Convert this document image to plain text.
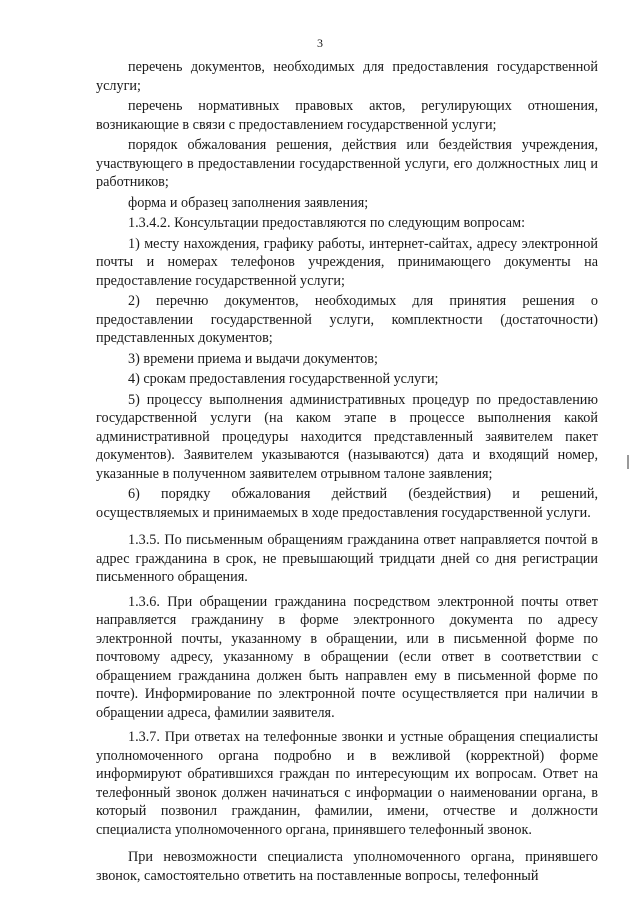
3

перечень документов, необходимых для предоставления государственной услуги;

перечень нормативных правовых актов, регулирующих отношения, возникающие в связи с предоставлением государственной услуги;

порядок обжалования решения, действия или бездействия учреждения, участвующего в предоставлении государственной услуги, его должностных лиц и работников;

форма и образец заполнения заявления;

1.3.4.2. Консультации предоставляются по следующим вопросам:

1) месту нахождения, графику работы, интернет-сайтах, адресу электронной почты и номерах телефонов учреждения, принимающего документы на предоставление государственной услуги;

2) перечню документов, необходимых для принятия решения о предоставлении государственной услуги, комплектности (достаточности) представленных документов;

3) времени приема и выдачи документов;

4) срокам предоставления государственной услуги;

5) процессу выполнения административных процедур по предоставлению государственной услуги (на каком этапе в процессе выполнения какой административной процедуры находится представленный заявителем пакет документов). Заявителем указываются (называются) дата и входящий номер, указанные в полученном заявителем отрывном талоне заявления;

6) порядку обжалования действий (бездействия) и решений, осуществляемых и принимаемых в ходе предоставления государственной услуги.

1.3.5. По письменным обращениям гражданина ответ направляется почтой в адрес гражданина в срок, не превышающий тридцати дней со дня регистрации письменного обращения.

1.3.6. При обращении гражданина посредством электронной почты ответ направляется гражданину в форме электронного документа по адресу электронной почты, указанному в обращении, или в письменной форме по почтовому адресу, указанному в обращении (если ответ в соответствии с обращением гражданина должен быть направлен ему в письменной форме по почте). Информирование по электронной почте осуществляется при наличии в обращении адреса, фамилии заявителя.

1.3.7. При ответах на телефонные звонки и устные обращения специалисты уполномоченного органа подробно и в вежливой (корректной) форме информируют обратившихся граждан по интересующим их вопросам. Ответ на телефонный звонок должен начинаться с информации о наименовании органа, в который позвонил гражданин, фамилии, имени, отчестве и должности специалиста уполномоченного органа, принявшего телефонный звонок.

При невозможности специалиста уполномоченного органа, принявшего звонок, самостоятельно ответить на поставленные вопросы, телефонный
